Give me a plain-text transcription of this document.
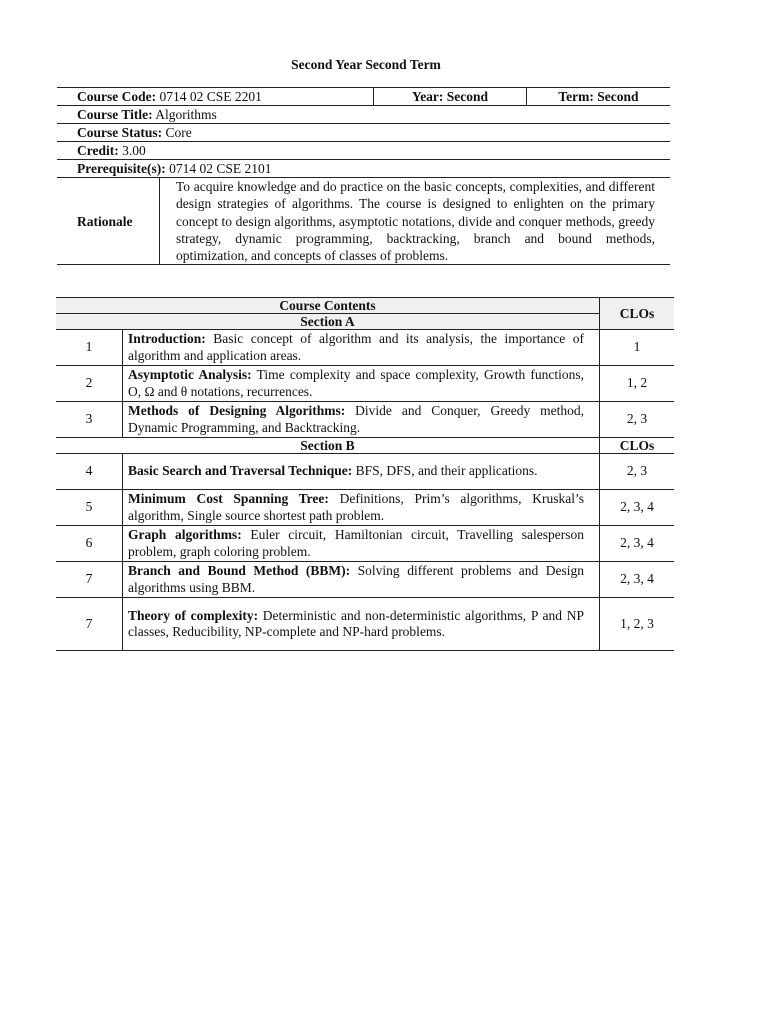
Second Year Second Term
Course Code: 0714 02 CSE 2201	Year: Second	Term: Second
Course Title: Algorithms
Course Status: Core
Credit: 3.00
Prerequisite(s): 0714 02 CSE 2101
Rationale	To acquire knowledge and do practice on the basic concepts, complexities, and different design strategies of algorithms. The course is designed to enlighten on the primary concept to design algorithms, asymptotic notations, divide and conquer methods, greedy strategy, dynamic programming, backtracking, branch and bound methods, optimization, and concepts of classes of problems.
Course Contents		CLOs
Section A		
1	Introduction: Basic concept of algorithm and its analysis, the importance of algorithm and application areas.	1
2	Asymptotic Analysis: Time complexity and space complexity, Growth functions, O, Ω and θ notations, recurrences.	1, 2
3	Methods of Designing Algorithms: Divide and Conquer, Greedy method, Dynamic Programming, and Backtracking.	2, 3
Section B		CLOs
4	Basic Search and Traversal Technique: BFS, DFS, and their applications.	2, 3
5	Minimum Cost Spanning Tree: Definitions, Prim’s algorithms, Kruskal’s algorithm, Single source shortest path problem.	2, 3, 4
6	Graph algorithms: Euler circuit, Hamiltonian circuit, Travelling salesperson problem, graph coloring problem.	2, 3, 4
7	Branch and Bound Method (BBM): Solving different problems and Design algorithms using BBM.	2, 3, 4
7	Theory of complexity: Deterministic and non-deterministic algorithms, P and NP classes, Reducibility, NP-complete and NP-hard problems.	1, 2, 3
